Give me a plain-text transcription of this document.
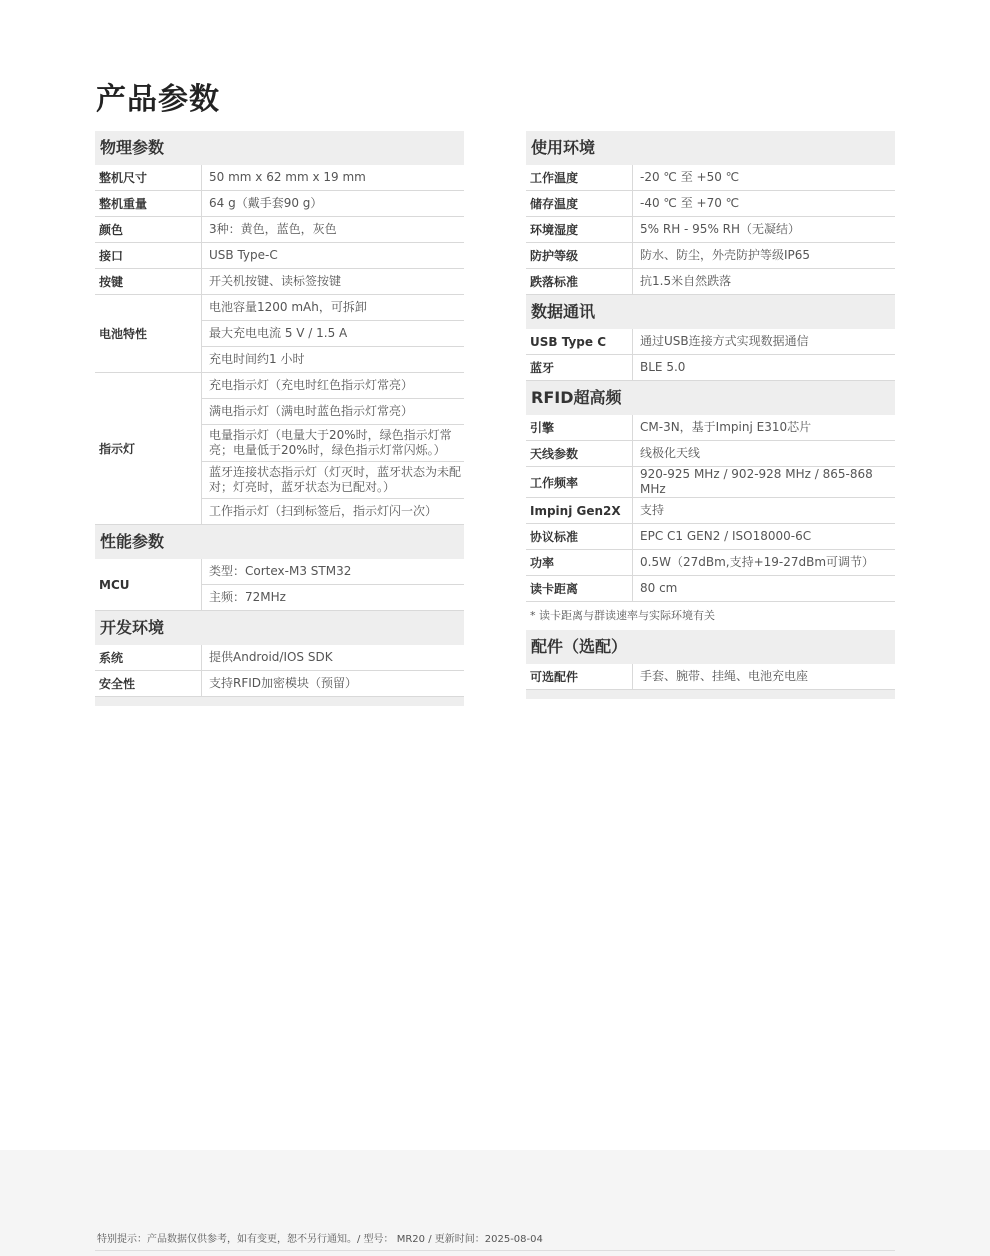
产品参数
物理参数
整机尺寸	50 mm x 62 mm x 19 mm
整机重量	64 g（戴手套90 g）
颜色	3种：黄色，蓝色，灰色
接口	USB Type-C
按键	开关机按键、读标签按键
电池特性	电池容量1200 mAh，可拆卸
	最大充电电流 5 V / 1.5 A
	充电时间约1 小时
指示灯	充电指示灯（充电时红色指示灯常亮）
	满电指示灯（满电时蓝色指示灯常亮）
	电量指示灯（电量大于20%时，绿色指示灯常亮；电量低于20%时，绿色指示灯常闪烁。）
	蓝牙连接状态指示灯（灯灭时，蓝牙状态为未配对；灯亮时，蓝牙状态为已配对。）
	工作指示灯（扫到标签后，指示灯闪一次）
性能参数
MCU	类型：Cortex-M3 STM32
主频：72MHz
开发环境
系统	提供Android/IOS SDK
安全性	支持RFID加密模块（预留）
使用环境
工作温度	-20 ℃ 至 +50 ℃
储存温度	-40 ℃ 至 +70 ℃
环境湿度	5% RH - 95% RH（无凝结）
防护等级	防水、防尘，外壳防护等级IP65
跌落标准	抗1.5米自然跌落
数据通讯
USB Type C	通过USB连接方式实现数据通信
蓝牙	BLE 5.0
RFID超高频
引擎	CM-3N，基于Impinj E310芯片
天线参数	线极化天线
工作频率	920-925 MHz / 902-928 MHz / 865-868 MHz
Impinj Gen2X	支持
协议标准	EPC C1 GEN2 / ISO18000-6C
功率	0.5W（27dBm,支持+19-27dBm可调节）
读卡距离	80 cm
* 读卡距离与群读速率与实际环境有关
配件（选配）
可选配件	手套、腕带、挂绳、电池充电座
特别提示：产品数据仅供参考，如有变更，恕不另行通知。/ 型号： MR20 / 更新时间：2025-08-04
